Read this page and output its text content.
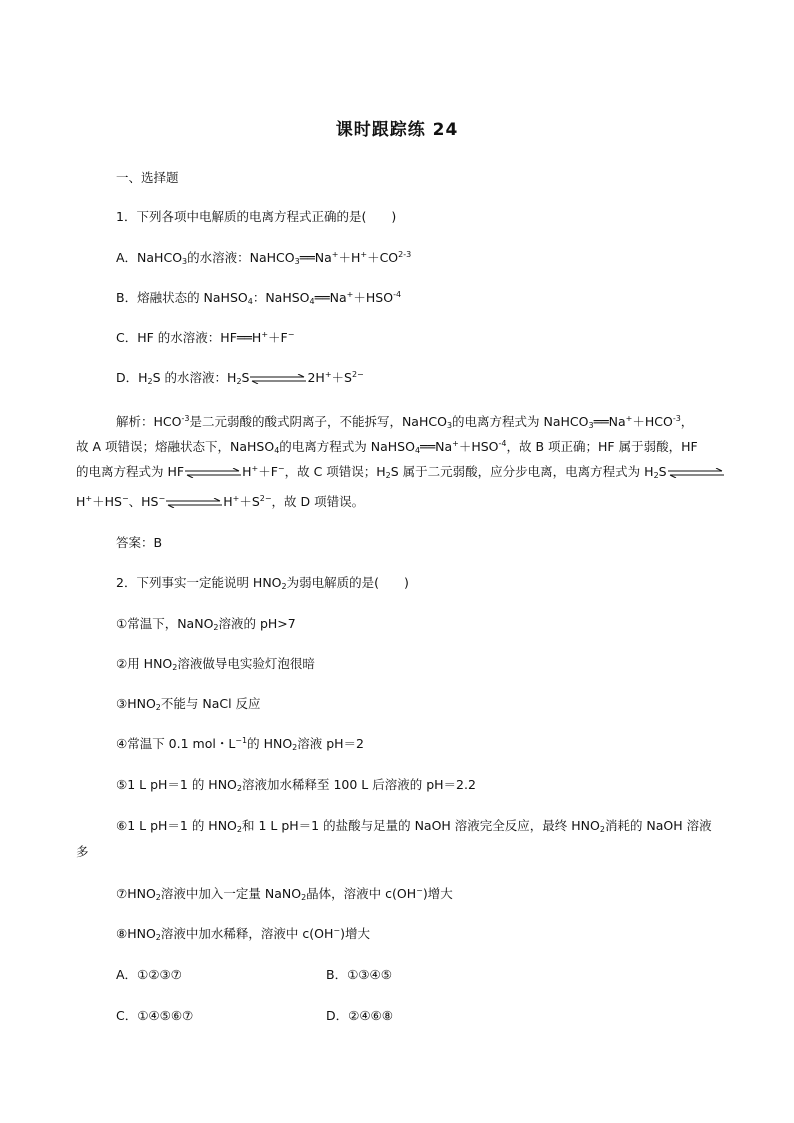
课时跟踪练 24
一、选择题
1．下列各项中电解质的电离方程式正确的是(　　)
A．NaHCO$_3$的水溶液：$NaHCO_3══Na^++H^++CO^{2-3}$
B．熔融状态的 NaHSO$_4$：$NaHSO_4══Na^++HSO^{-4}$
C．HF 的水溶液：HF══H+＋F−
D．$H_2S$ 的水溶液：$H_2S$	$2H^++S^{2-}$
解析：$HCO^{-3}$是二元弱酸的酸式阴离子，不能拆写，NaHCO$_3$的电离方程式为 $NaHCO_3══Na^++HCO^{-3}$，
故 A 项错误；熔融状态下，NaHSO$_4$的电离方程式为 $NaHSO_4══Na^++HSO^{-4}$，故 B 项正确；HF 属于弱酸，HF
的电离方程式为 HF	H+＋F−，故 C 项错误；$H_2S$ 属于二元弱酸，应分步电离，电离方程式为 $H_2S$
H+＋HS−、HS−	$H^++S^{2-}$，故 D 项错误。
答案：B
2．下列事实一定能说明 $HNO_2$为弱电解质的是(　　)
①常温下，NaNO$_2$溶液的 pH>7
②用 $HNO_2$溶液做导电实验灯泡很暗
$③HNO_2$不能与 NaCl 反应
④常温下 0.1 mol・$L^{-1}$的 $HNO_2$溶液 pH＝2
⑤1 L pH＝1 的 $HNO_2$溶液加水稀释至 100 L 后溶液的 pH＝2.2
⑥1 L pH＝1 的 $HNO_2$和 1 L pH＝1 的盐酸与足量的 NaOH 溶液完全反应，最终 $HNO_2$消耗的 NaOH 溶液
多
$⑦HNO_2$溶液中加入一定量 NaNO$_2$晶体，溶液中 c(OH−)增大
$⑧HNO_2$溶液中加水稀释，溶液中 c(OH−)增大
A．①②③⑦	B．①③④⑤
C．①④⑤⑥⑦	D．②④⑥⑧
